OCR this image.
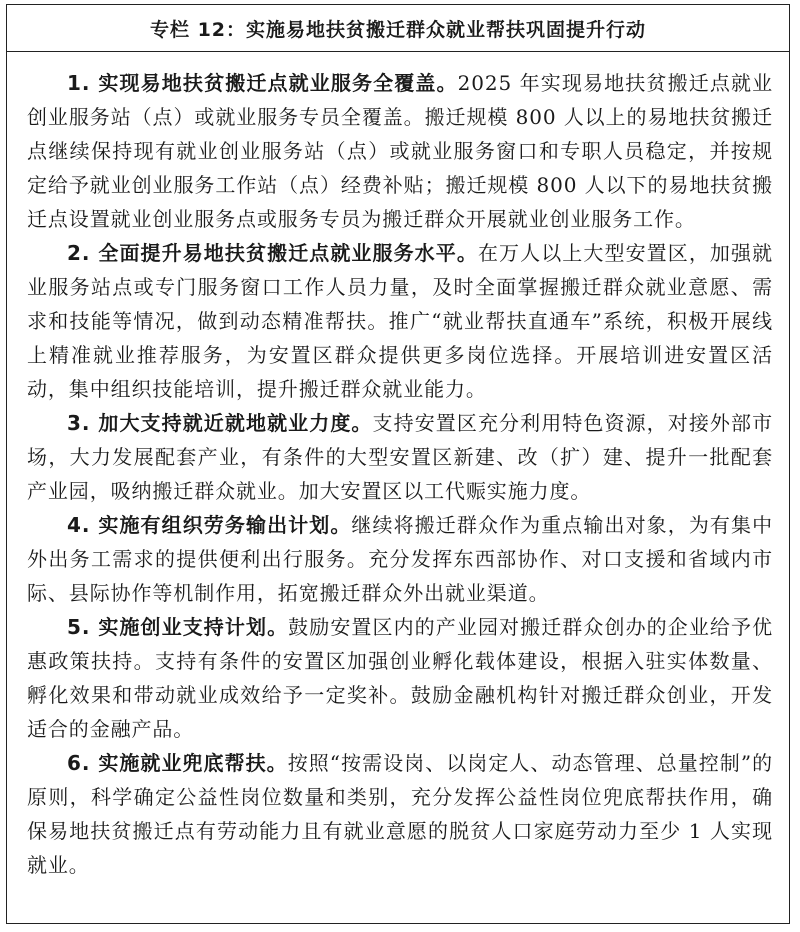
专栏 12：实施易地扶贫搬迁群众就业帮扶巩固提升行动

1. 实现易地扶贫搬迁点就业服务全覆盖。2025 年实现易地扶贫搬迁点就业创业服务站（点）或就业服务专员全覆盖。搬迁规模 800 人以上的易地扶贫搬迁点继续保持现有就业创业服务站（点）或就业服务窗口和专职人员稳定，并按规定给予就业创业服务工作站（点）经费补贴；搬迁规模 800 人以下的易地扶贫搬迁点设置就业创业服务点或服务专员为搬迁群众开展就业创业服务工作。

2. 全面提升易地扶贫搬迁点就业服务水平。在万人以上大型安置区，加强就业服务站点或专门服务窗口工作人员力量，及时全面掌握搬迁群众就业意愿、需求和技能等情况，做到动态精准帮扶。推广“就业帮扶直通车”系统，积极开展线上精准就业推荐服务，为安置区群众提供更多岗位选择。开展培训进安置区活动，集中组织技能培训，提升搬迁群众就业能力。

3. 加大支持就近就地就业力度。支持安置区充分利用特色资源，对接外部市场，大力发展配套产业，有条件的大型安置区新建、改（扩）建、提升一批配套产业园，吸纳搬迁群众就业。加大安置区以工代赈实施力度。

4. 实施有组织劳务输出计划。继续将搬迁群众作为重点输出对象，为有集中外出务工需求的提供便利出行服务。充分发挥东西部协作、对口支援和省域内市际、县际协作等机制作用，拓宽搬迁群众外出就业渠道。

5. 实施创业支持计划。鼓励安置区内的产业园对搬迁群众创办的企业给予优惠政策扶持。支持有条件的安置区加强创业孵化载体建设，根据入驻实体数量、孵化效果和带动就业成效给予一定奖补。鼓励金融机构针对搬迁群众创业，开发适合的金融产品。

6. 实施就业兜底帮扶。按照“按需设岗、以岗定人、动态管理、总量控制”的原则，科学确定公益性岗位数量和类别，充分发挥公益性岗位兜底帮扶作用，确保易地扶贫搬迁点有劳动能力且有就业意愿的脱贫人口家庭劳动力至少 1 人实现就业。
